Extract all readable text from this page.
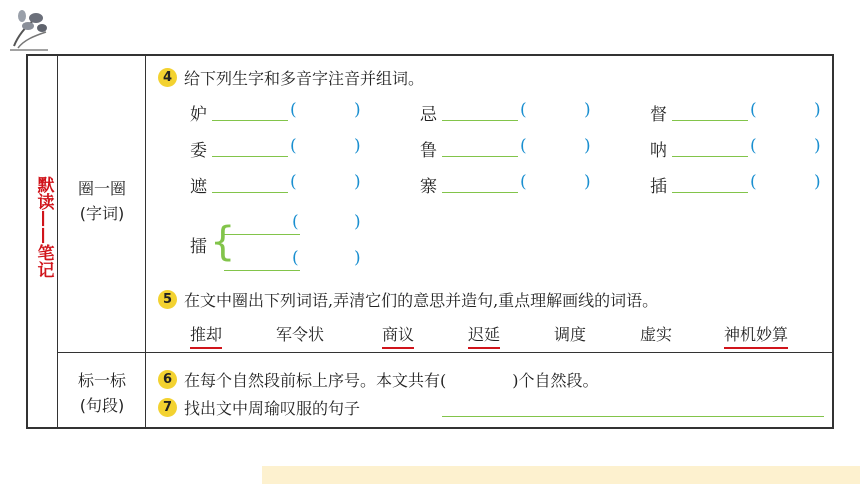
默读——笔记	圈一圈
(字词)
标一标
(句段)
4 给下列生字和多音字注音并组词。
妒	(	)	忌	(	)	督	(	)
委	(	)	鲁	(	)	呐	(	)
遮	(	)	寨	(	)	插	(	)
擂 {	(	)
(	)
5 在文中圈出下列词语,弄清它们的意思并造句,重点理解画线的词语。
推却	军令状	商议	迟延	调度	虚实	神机妙算
6 在每个自然段前标上序号。本文共有(	)个自然段。
7 找出文中周瑜叹服的句子
